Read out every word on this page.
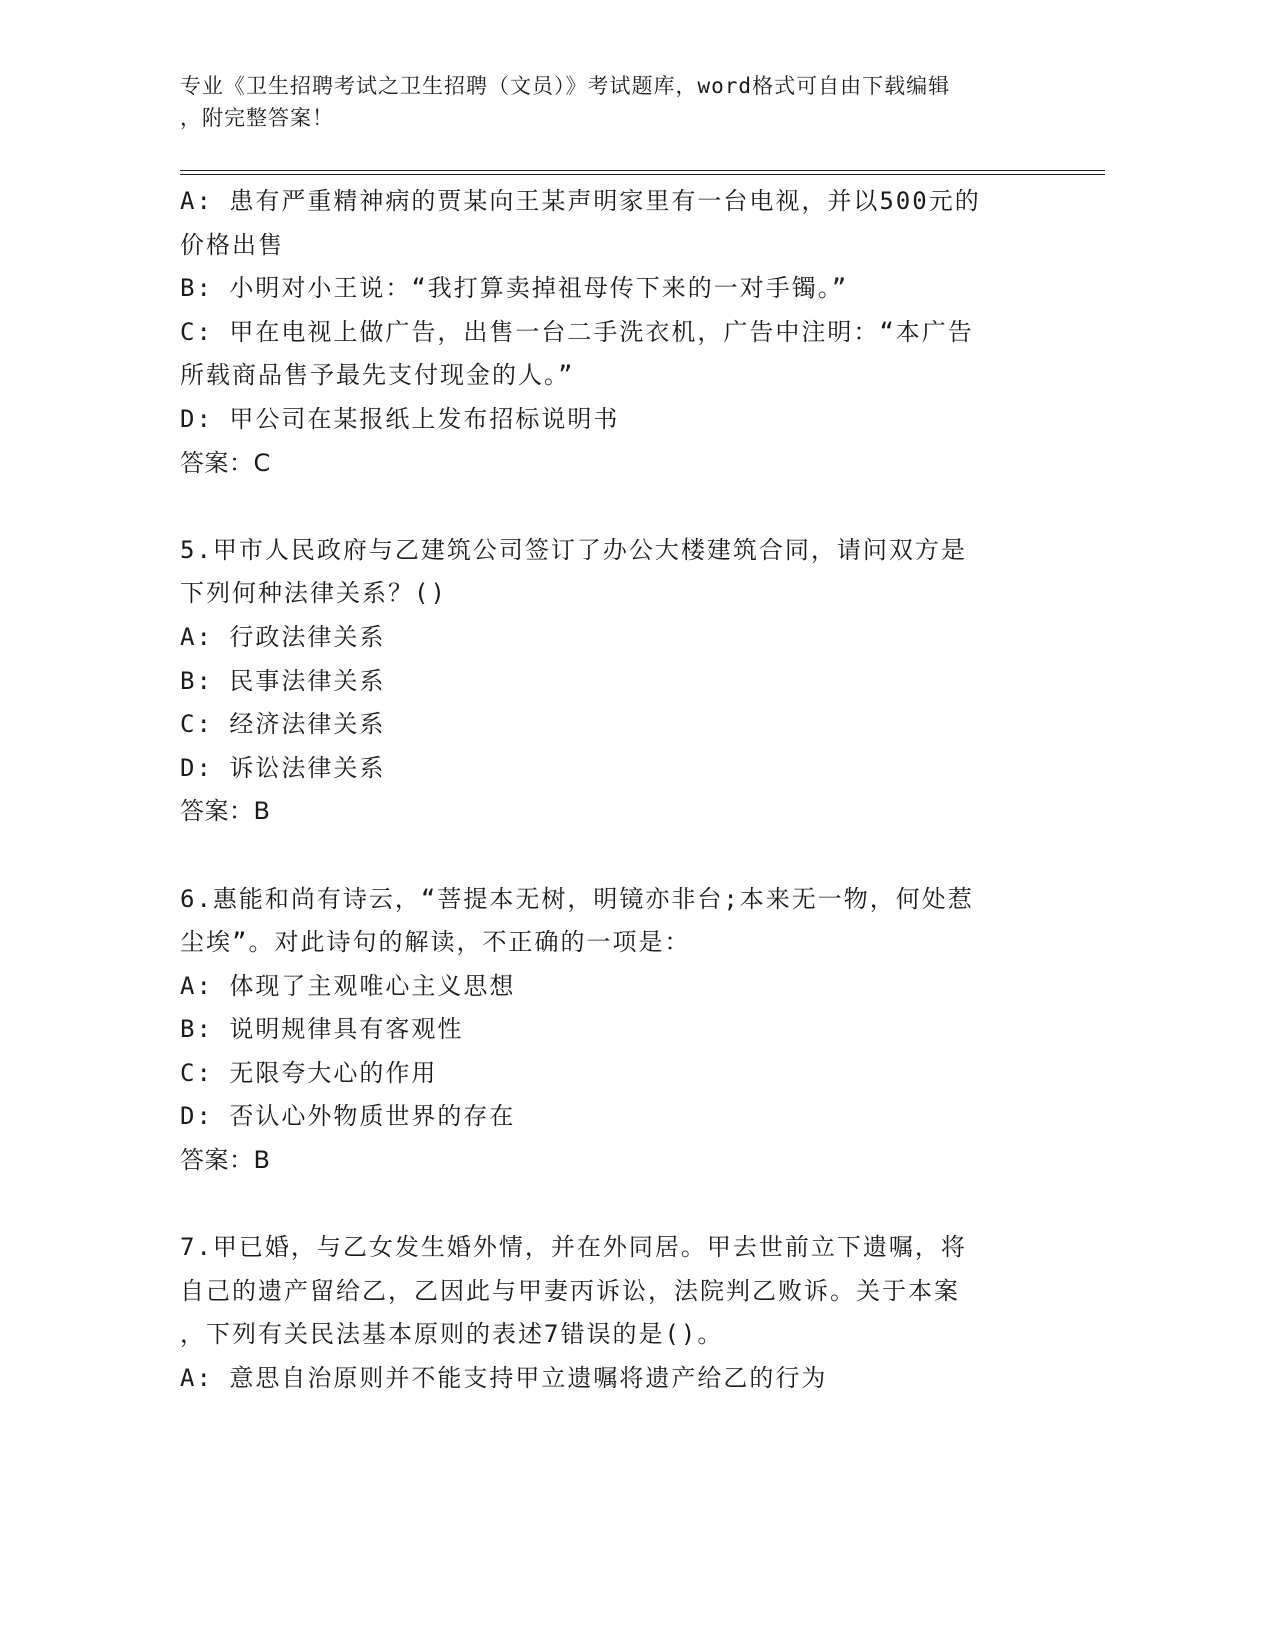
专业《卫生招聘考试之卫生招聘（文员）》考试题库，word格式可自由下载编辑
，附完整答案！
A: 患有严重精神病的贾某向王某声明家里有一台电视，并以500元的
价格出售
B: 小明对小王说：“我打算卖掉祖母传下来的一对手镯。”
C: 甲在电视上做广告，出售一台二手洗衣机，广告中注明：“本广告
所载商品售予最先支付现金的人。”
D: 甲公司在某报纸上发布招标说明书
答案：C
5.甲市人民政府与乙建筑公司签订了办公大楼建筑合同，请问双方是
下列何种法律关系？()
A: 行政法律关系
B: 民事法律关系
C: 经济法律关系
D: 诉讼法律关系
答案：B
6.惠能和尚有诗云，“菩提本无树，明镜亦非台;本来无一物，何处惹
尘埃”。对此诗句的解读，不正确的一项是：
A: 体现了主观唯心主义思想
B: 说明规律具有客观性
C: 无限夸大心的作用
D: 否认心外物质世界的存在
答案：B
7.甲已婚，与乙女发生婚外情，并在外同居。甲去世前立下遗嘱，将
自己的遗产留给乙，乙因此与甲妻丙诉讼，法院判乙败诉。关于本案
，下列有关民法基本原则的表述7错误的是()。
A: 意思自治原则并不能支持甲立遗嘱将遗产给乙的行为
